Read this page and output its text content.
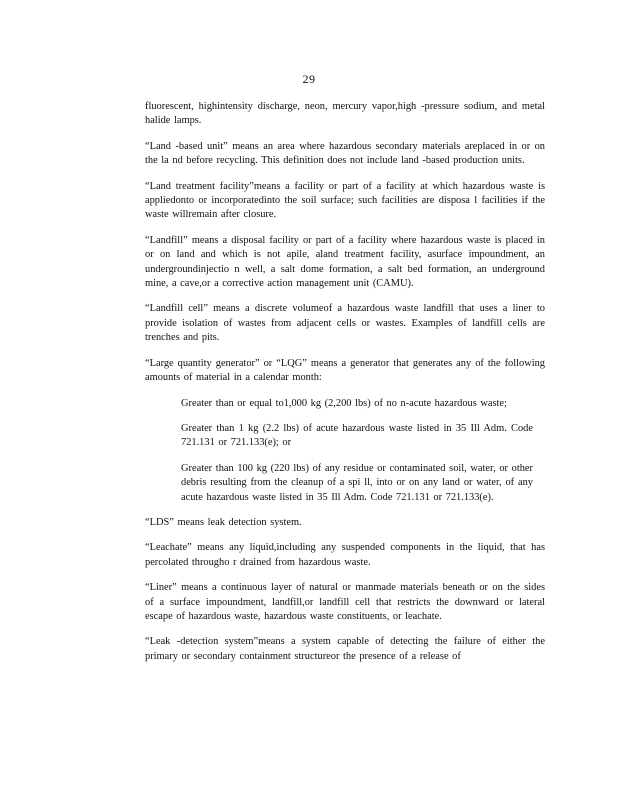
29

fluorescent, highintensity discharge, neon, mercury vapor,high -pressure sodium, and metal halide lamps.

“Land -based unit” means an area where hazardous secondary materials areplaced in or on the la nd before recycling. This definition does not include land -based production units.

“Land treatment facility”means a facility or part of a facility at which hazardous waste is appliedonto or incorporatedinto the soil surface; such facilities are disposa l facilities if the waste willremain after closure.

“Landfill” means a disposal facility or part of a facility where hazardous waste is placed in or on land and which is not apile, aland treatment facility, asurface impoundment, an undergroundinjectio n well, a salt dome formation, a salt bed formation, an underground mine, a cave,or a corrective action management unit (CAMU).

“Landfill cell” means a discrete volumeof a hazardous waste landfill that uses a liner to provide isolation of wastes from adjacent cells or wastes. Examples of landfill cells are trenches and pits.

“Large quantity generator” or “LQG” means a generator that generates any of the following amounts of material in a calendar month:

Greater than or equal to1,000 kg (2,200 lbs) of no n-acute hazardous waste;

Greater than 1 kg (2.2 lbs) of acute hazardous waste listed in 35 Ill Adm. Code 721.131 or 721.133(e); or

Greater than 100 kg (220 lbs) of any residue or contaminated soil, water, or other debris resulting from the cleanup of a spi ll, into or on any land or water, of any acute hazardous waste listed in 35 Ill Adm. Code 721.131 or 721.133(e).

“LDS” means leak detection system.

“Leachate” means any liquid,including any suspended components in the liquid, that has percolated througho r drained from hazardous waste.

“Liner” means a continuous layer of natural or manmade materials beneath or on the sides of a surface impoundment, landfill,or landfill cell that restricts the downward or lateral escape of hazardous waste, hazardous waste constituents, or leachate.

“Leak -detection system”means a system capable of detecting the failure of either the primary or secondary containment structureor the presence of a release of
